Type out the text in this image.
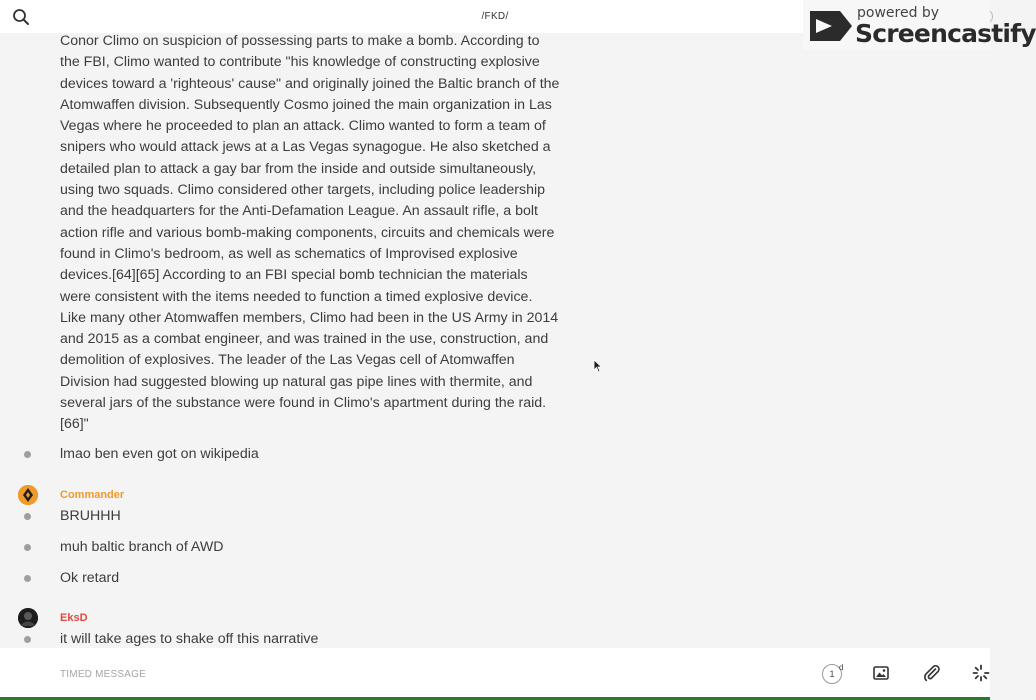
/FKD/	powered by
Screencastify
Conor Climo on suspicion of possessing parts to make a bomb. According to the FBI, Climo wanted to contribute "his knowledge of constructing explosive devices toward a 'righteous' cause" and originally joined the Baltic branch of the Atomwaffen division. Subsequently Cosmo joined the main organization in Las Vegas where he proceeded to plan an attack. Climo wanted to form a team of snipers who would attack jews at a Las Vegas synagogue. He also sketched a detailed plan to attack a gay bar from the inside and outside simultaneously, using two squads. Climo considered other targets, including police leadership and the headquarters for the Anti-Defamation League. An assault rifle, a bolt action rifle and various bomb-making components, circuits and chemicals were found in Climo's bedroom, as well as schematics of Improvised explosive devices.[64][65] According to an FBI special bomb technician the materials were consistent with the items needed to function a timed explosive device. Like many other Atomwaffen members, Climo had been in the US Army in 2014 and 2015 as a combat engineer, and was trained in the use, construction, and demolition of explosives. The leader of the Las Vegas cell of Atomwaffen Division had suggested blowing up natural gas pipe lines with thermite, and several jars of the substance were found in Climo's apartment during the raid.[66]"
lmao ben even got on wikipedia
Commander
BRUHHH
muh baltic branch of AWD
Ok retard
EksD
it will take ages to shake off this narrative
TIMED MESSAGE
1
d
